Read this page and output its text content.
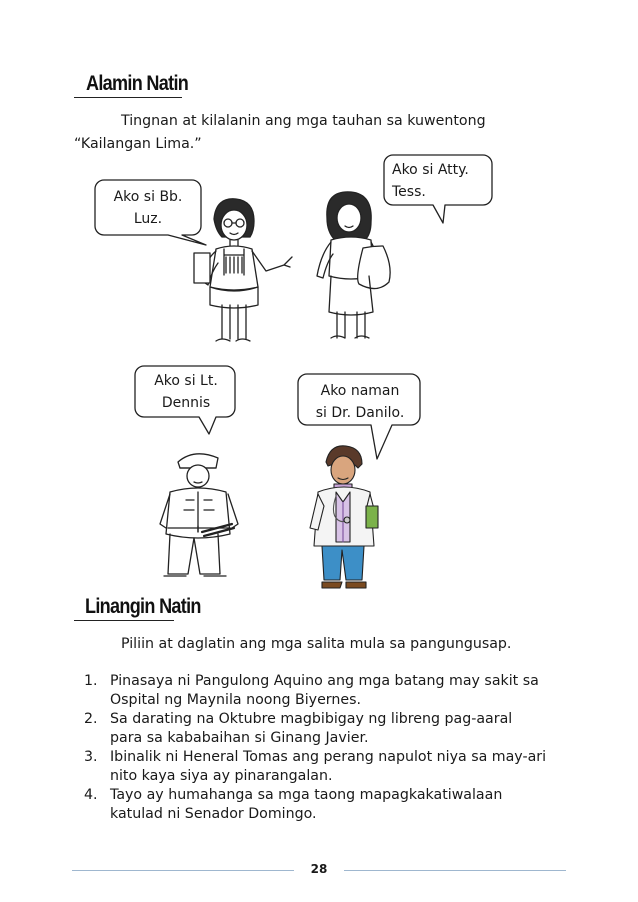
Alamin Natin
Tingnan at kilalanin ang mga tauhan sa kuwentong
“Kailangan Lima.”
Ako si Bb.
Luz.
Ako si Atty.
Tess.
Ako si Lt.
Dennis
Ako naman
si Dr. Danilo.
Linangin Natin
Piliin at daglatin ang mga salita mula sa pangungusap.
1. Pinasaya ni Pangulong Aquino ang mga batang may sakit sa
Ospital ng Maynila noong Biyernes.
2. Sa darating na Oktubre magbibigay ng libreng pag-aaral
para sa kababaihan si Ginang Javier.
3. Ibinalik ni Heneral Tomas ang perang napulot niya sa may-ari
nito kaya siya ay pinarangalan.
4. Tayo ay humahanga sa mga taong mapagkakatiwalaan
katulad ni Senador Domingo.
28
